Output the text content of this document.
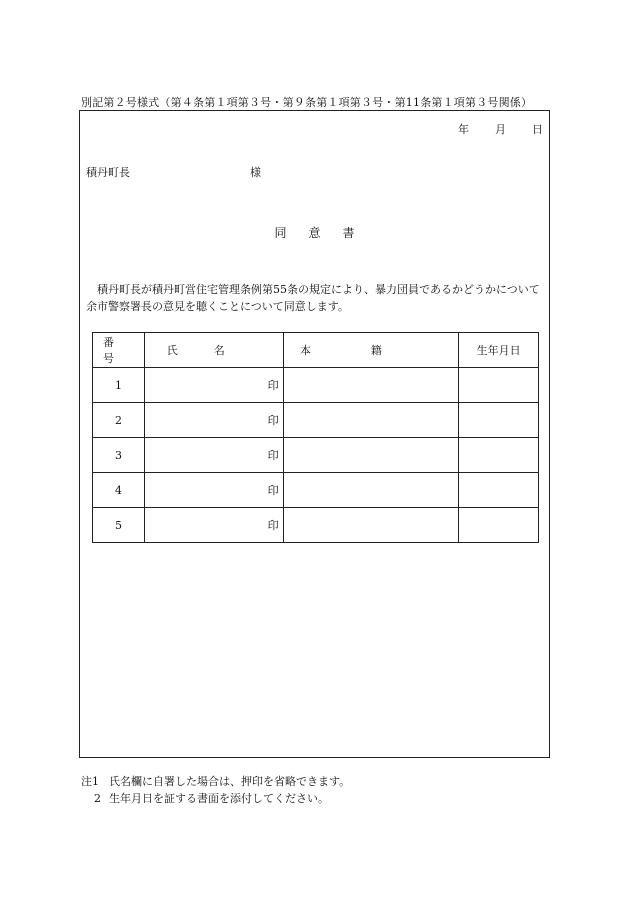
別記第２号様式（第４条第１項第３号・第９条第１項第３号・第11条第１項第３号関係）
年 月 日
積丹町長	様
同意書
積丹町長が積丹町営住宅管理条例第55条の規定により、暴力団員であるかどうかについて余市警察署長の意見を聴くことについて同意します。
番号	氏名	本籍	生年月日
1	印		
2	印		
3	印		
4	印		
5	印		
注1 氏名欄に自署した場合は、押印を省略できます。
2 生年月日を証する書面を添付してください。
